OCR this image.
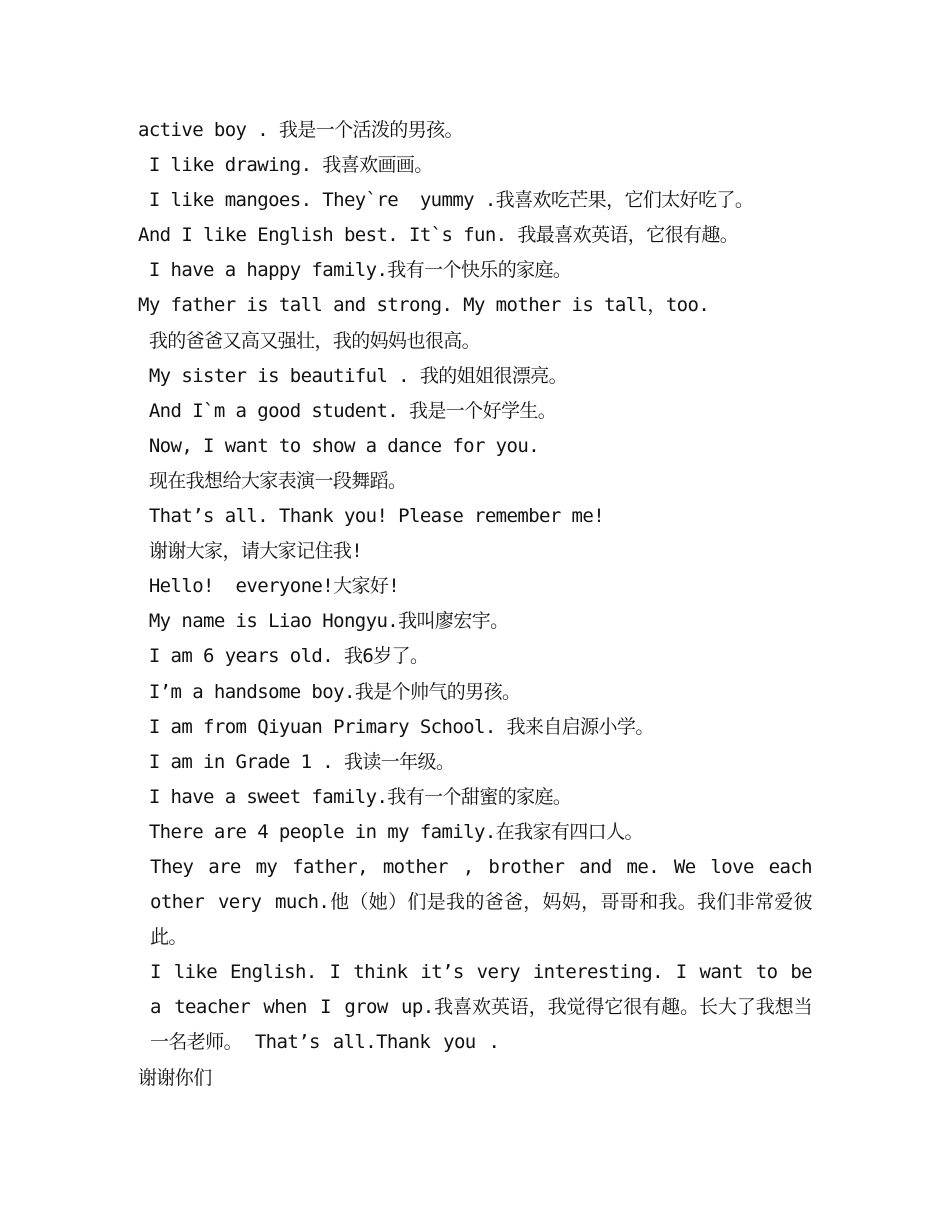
active boy . 我是一个活泼的男孩。
I like drawing. 我喜欢画画。
I like mangoes. They`re  yummy .我喜欢吃芒果，它们太好吃了。
And I like English best. It`s fun. 我最喜欢英语，它很有趣。
I have a happy family.我有一个快乐的家庭。
My father is tall and strong. My mother is tall，too.
我的爸爸又高又强壮，我的妈妈也很高。
My sister is beautiful . 我的姐姐很漂亮。
And I`m a good student. 我是一个好学生。
Now, I want to show a dance for you.
现在我想给大家表演一段舞蹈。
That’s all. Thank you! Please remember me!
谢谢大家，请大家记住我!
Hello!  everyone!大家好!
My name is Liao Hongyu.我叫廖宏宇。
I am 6 years old. 我6岁了。
I’m a handsome boy.我是个帅气的男孩。
I am from Qiyuan Primary School. 我来自启源小学。
I am in Grade 1 . 我读一年级。
I have a sweet family.我有一个甜蜜的家庭。
There are 4 people in my family.在我家有四口人。
They are my father, mother , brother and me. We love each other very much.他（她）们是我的爸爸，妈妈，哥哥和我。我们非常爱彼此。
I like English. I think it’s very interesting. I want to be a teacher when I grow up.我喜欢英语，我觉得它很有趣。长大了我想当一名老师。 That’s all.Thank you .
谢谢你们
